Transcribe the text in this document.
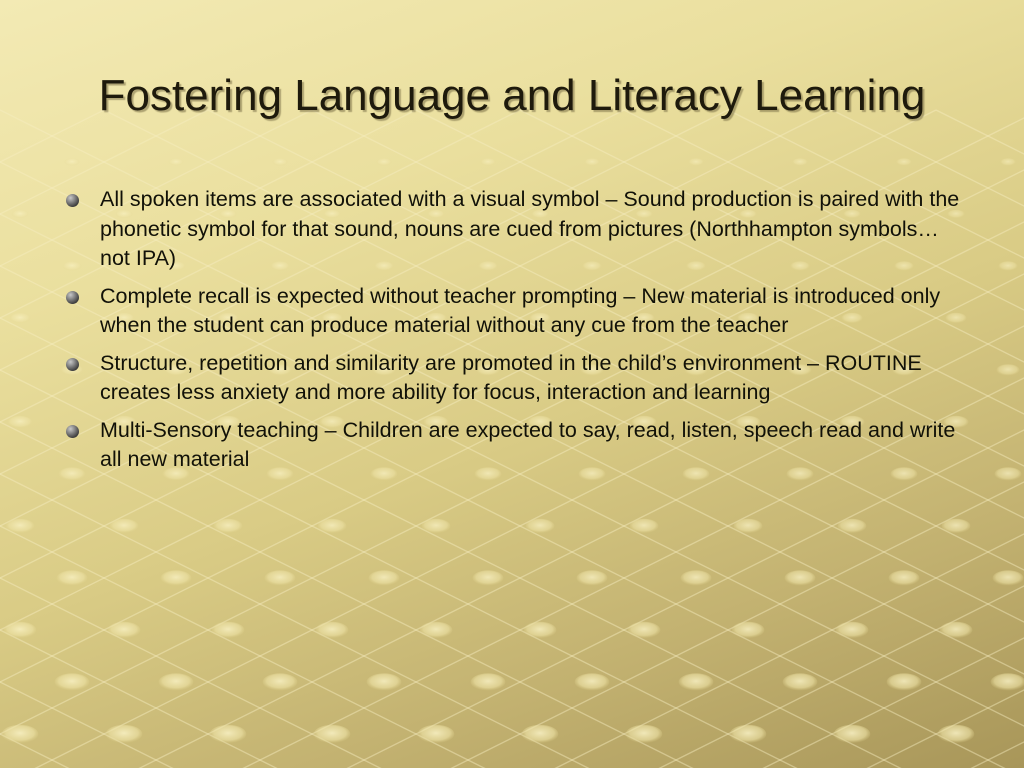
Fostering Language and Literacy Learning
All spoken items are associated with a visual symbol – Sound production is paired with the phonetic symbol for that sound, nouns are cued from pictures (Northhampton symbols…not IPA)
Complete recall is expected without teacher prompting – New material is introduced only when the student can produce material without any cue from the teacher
Structure, repetition and similarity are promoted in the child’s environment – ROUTINE creates less anxiety and more ability for focus, interaction and learning
Multi-Sensory teaching – Children are expected to say, read, listen, speech read and write all new material
